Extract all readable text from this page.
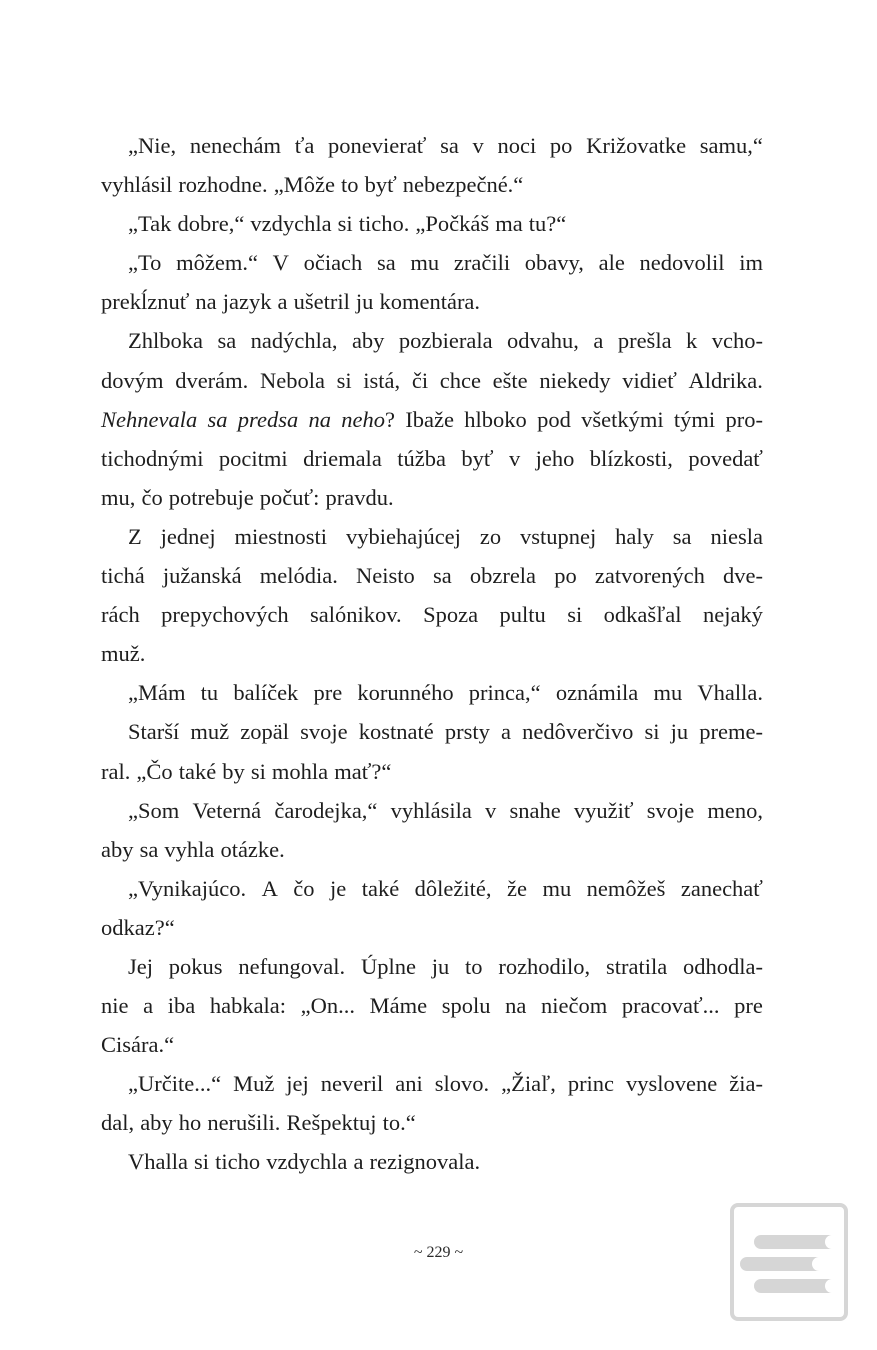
„Nie, nenechám ťa ponevierať sa v noci po Križovatke samu,“
vyhlásil rozhodne. „Môže to byť nebezpečné.“
„Tak dobre,“ vzdychla si ticho. „Počkáš ma tu?“
„To môžem.“ V očiach sa mu zračili obavy, ale nedovolil im
prekĺznuť na jazyk a ušetril ju komentára.
Zhlboka sa nadýchla, aby pozbierala odvahu, a prešla k vcho-
dovým dverám. Nebola si istá, či chce ešte niekedy vidieť Aldrika.
Nehnevala sa predsa na neho? Ibaže hlboko pod všetkými tými pro-
tichodnými pocitmi driemala túžba byť v jeho blízkosti, povedať
mu, čo potrebuje počuť: pravdu.
Z jednej miestnosti vybiehajúcej zo vstupnej haly sa niesla
tichá južanská melódia. Neisto sa obzrela po zatvorených dve-
rách prepychových salónikov. Spoza pultu si odkašľal nejaký
muž.
„Mám tu balíček pre korunného princa,“ oznámila mu Vhalla.
Starší muž zopäl svoje kostnaté prsty a nedôverčivo si ju preme-
ral. „Čo také by si mohla mať?“
„Som Veterná čarodejka,“ vyhlásila v snahe využiť svoje meno,
aby sa vyhla otázke.
„Vynikajúco. A čo je také dôležité, že mu nemôžeš zanechať
odkaz?“
Jej pokus nefungoval. Úplne ju to rozhodilo, stratila odhodla-
nie a iba habkala: „On... Máme spolu na niečom pracovať... pre
Cisára.“
„Určite...“ Muž jej neveril ani slovo. „Žiaľ, princ vyslovene žia-
dal, aby ho nerušili. Rešpektuj to.“
Vhalla si ticho vzdychla a rezignovala.
~ 229 ~
